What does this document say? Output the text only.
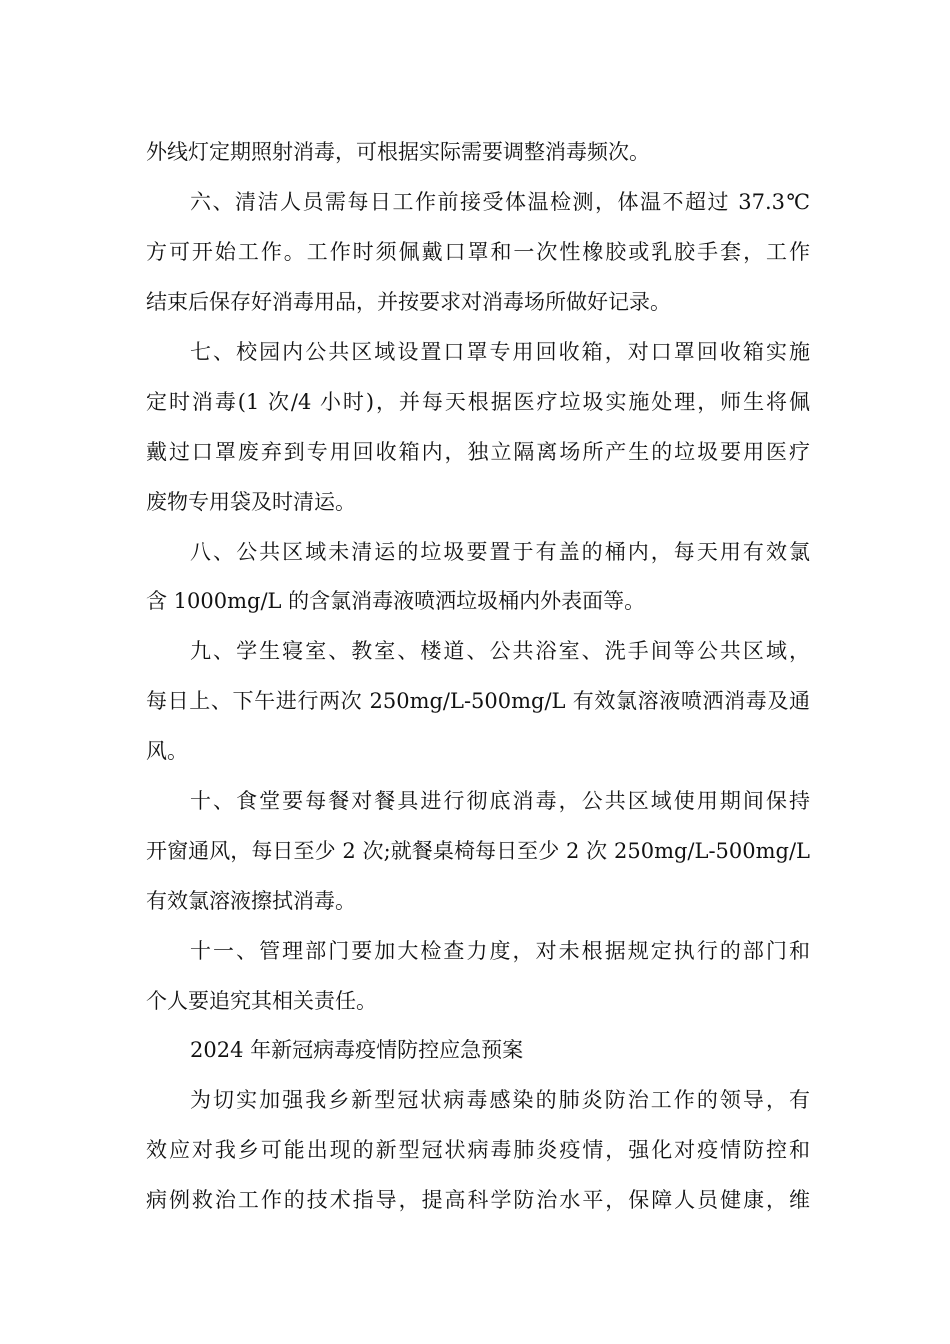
外线灯定期照射消毒，可根据实际需要调整消毒频次。
六、清洁人员需每日工作前接受体温检测，体温不超过 37.3℃
方可开始工作。工作时须佩戴口罩和一次性橡胶或乳胶手套，工作
结束后保存好消毒用品，并按要求对消毒场所做好记录。
七、校园内公共区域设置口罩专用回收箱，对口罩回收箱实施
定时消毒(1 次/4 小时)，并每天根据医疗垃圾实施处理，师生将佩
戴过口罩废弃到专用回收箱内，独立隔离场所产生的垃圾要用医疗
废物专用袋及时清运。
八、公共区域未清运的垃圾要置于有盖的桶内，每天用有效氯
含 1000mg/L 的含氯消毒液喷洒垃圾桶内外表面等。
九、学生寝室、教室、楼道、公共浴室、洗手间等公共区域，
每日上、下午进行两次 250mg/L-500mg/L 有效氯溶液喷洒消毒及通
风。
十、食堂要每餐对餐具进行彻底消毒，公共区域使用期间保持
开窗通风，每日至少 2 次;就餐桌椅每日至少 2 次 250mg/L-500mg/L
有效氯溶液擦拭消毒。
十一、管理部门要加大检查力度，对未根据规定执行的部门和
个人要追究其相关责任。
2024 年新冠病毒疫情防控应急预案
为切实加强我乡新型冠状病毒感染的肺炎防治工作的领导，有
效应对我乡可能出现的新型冠状病毒肺炎疫情，强化对疫情防控和
病例救治工作的技术指导，提高科学防治水平，保障人员健康，维
